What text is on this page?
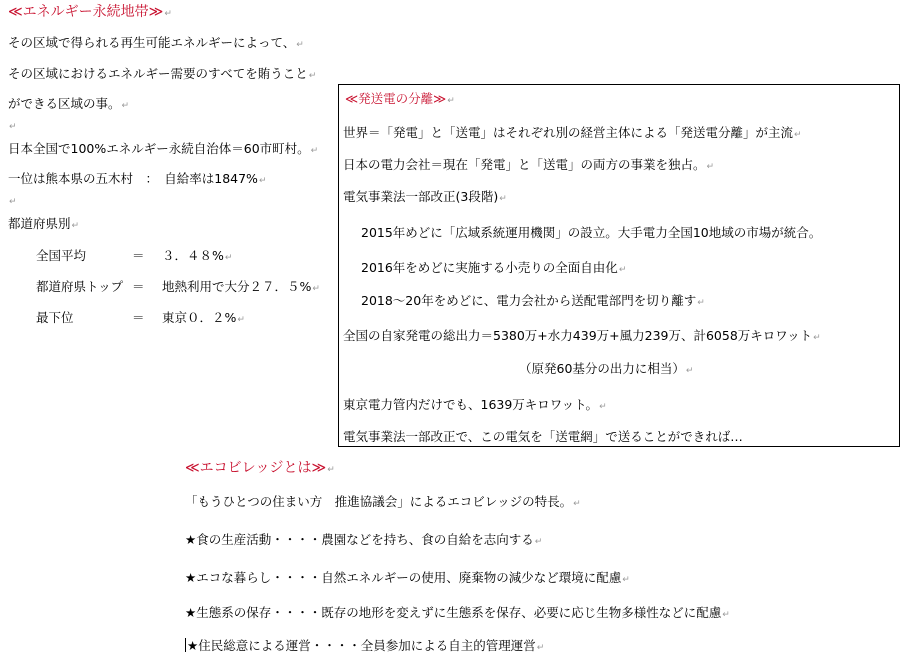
≪エネルギー永続地帯≫↵
その区域で得られる再生可能エネルギーによって、↵
その区域におけるエネルギー需要のすべてを賄うこと↵
ができる区域の事。↵
↵
日本全国で100%エネルギー永続自治体＝60市町村。↵
一位は熊本県の五木村　：　自給率は1847%↵
↵
都道府県別↵
全国平均	＝ ３．４８%↵
都道府県トップ ＝ 地熱利用で大分２７．５%↵
最下位	＝ 東京０．２%↵
≪発送電の分離≫↵
世界＝「発電」と「送電」はそれぞれ別の経営主体による「発送電分離」が主流↵
日本の電力会社＝現在「発電」と「送電」の両方の事業を独占。↵
電気事業法一部改正(3段階)↵
2015年めどに「広域系統運用機関」の設立。大手電力全国10地域の市場が統合。
2016年をめどに実施する小売りの全面自由化↵
2018～20年をめどに、電力会社から送配電部門を切り離す↵
全国の自家発電の総出力＝5380万+水力439万+風力239万、計6058万キロワット↵
（原発60基分の出力に相当）↵
東京電力管内だけでも、1639万キロワット。↵
電気事業法一部改正で、この電気を「送電網」で送ることができれば…
≪エコビレッジとは≫↵
「もうひとつの住まい方　推進協議会」によるエコビレッジの特長。↵
★食の生産活動・・・・農園などを持ち、食の自給を志向する↵
★エコな暮らし・・・・自然エネルギーの使用、廃棄物の減少など環境に配慮↵
★生態系の保存・・・・既存の地形を変えずに生態系を保存、必要に応じ生物多様性などに配慮↵
★住民総意による運営・・・・全員参加による自主的管理運営↵
